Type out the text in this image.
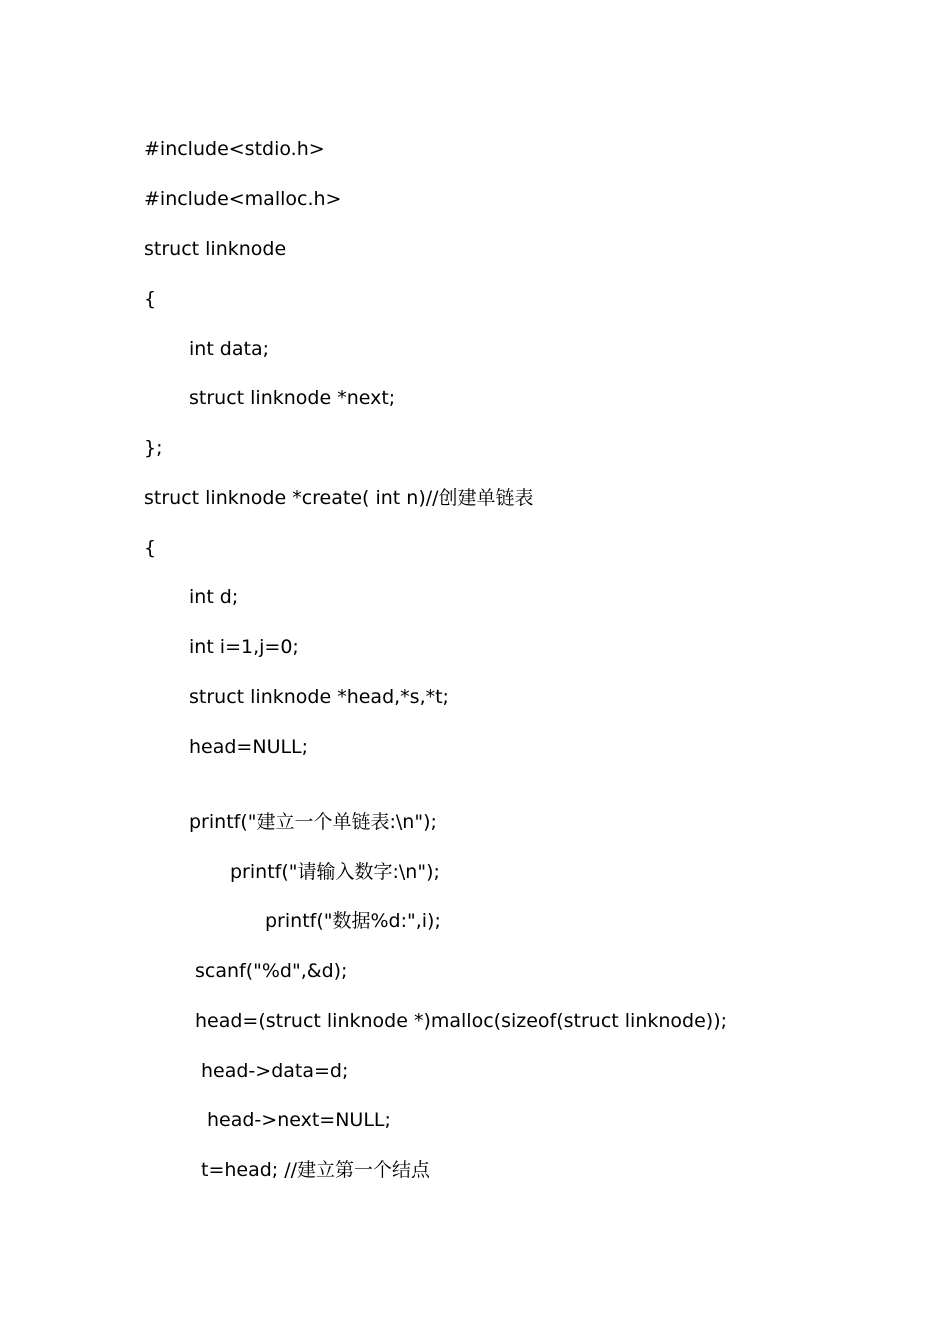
#include<stdio.h>
#include<malloc.h>
struct linknode
{
int data;
struct linknode *next;
};
struct linknode *create( int n)//创建单链表
{
int d;
int i=1,j=0;
struct linknode *head,*s,*t;
head=NULL;
printf("建立一个单链表:\n");
printf("请输入数字:\n");
printf("数据%d:",i);
scanf("%d",&d);
head=(struct linknode *)malloc(sizeof(struct linknode));
head->data=d;
head->next=NULL;
t=head; //建立第一个结点
